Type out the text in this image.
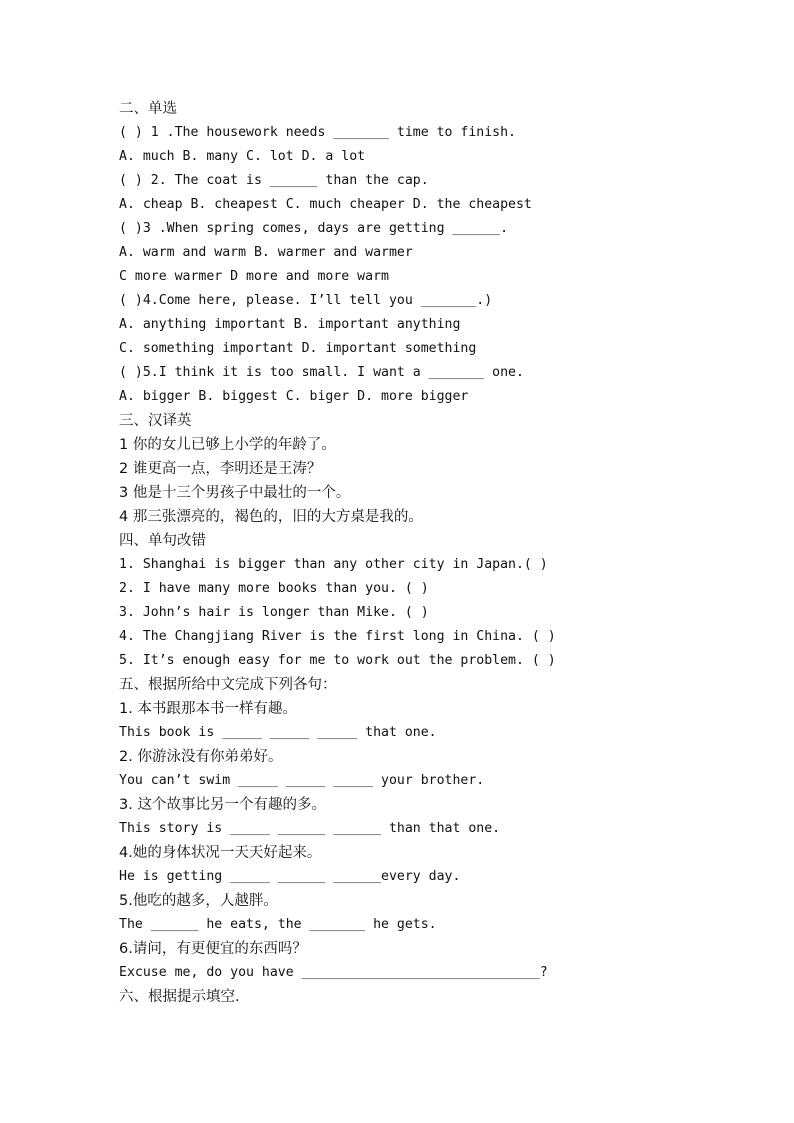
二、单选
( ) 1 .The housework needs _______ time to finish.
A. much B. many C. lot D. a lot
( ) 2. The coat is ______ than the cap.
A. cheap B. cheapest C. much cheaper D. the cheapest
( )3 .When spring comes, days are getting ______.
A. warm and warm B. warmer and warmer
C more warmer D more and more warm
( )4.Come here, please. I’ll tell you _______.)
A. anything important B. important anything
C. something important D. important something
( )5.I think it is too small. I want a _______ one.
A. bigger B. biggest C. biger D. more bigger
三、汉译英
1 你的女儿已够上小学的年龄了。
2 谁更高一点，李明还是王涛？
3 他是十三个男孩子中最壮的一个。
4 那三张漂亮的，褐色的，旧的大方桌是我的。
四、单句改错
1. Shanghai is bigger than any other city in Japan.( )
2. I have many more books than you. ( )
3. John’s hair is longer than Mike. ( )
4. The Changjiang River is the first long in China. ( )
5. It’s enough easy for me to work out the problem. ( )
五、根据所给中文完成下列各句：
1. 本书跟那本书一样有趣。
This book is _____ _____ _____ that one.
2. 你游泳没有你弟弟好。
You can’t swim _____ _____ _____ your brother.
3. 这个故事比另一个有趣的多。
This story is _____ ______ ______ than that one.
4.她的身体状况一天天好起来。
He is getting _____ ______ ______every day.
5.他吃的越多，人越胖。
The ______ he eats, the _______ he gets.
6.请问，有更便宜的东西吗？
Excuse me, do you have ______________________________?
六、根据提示填空.
